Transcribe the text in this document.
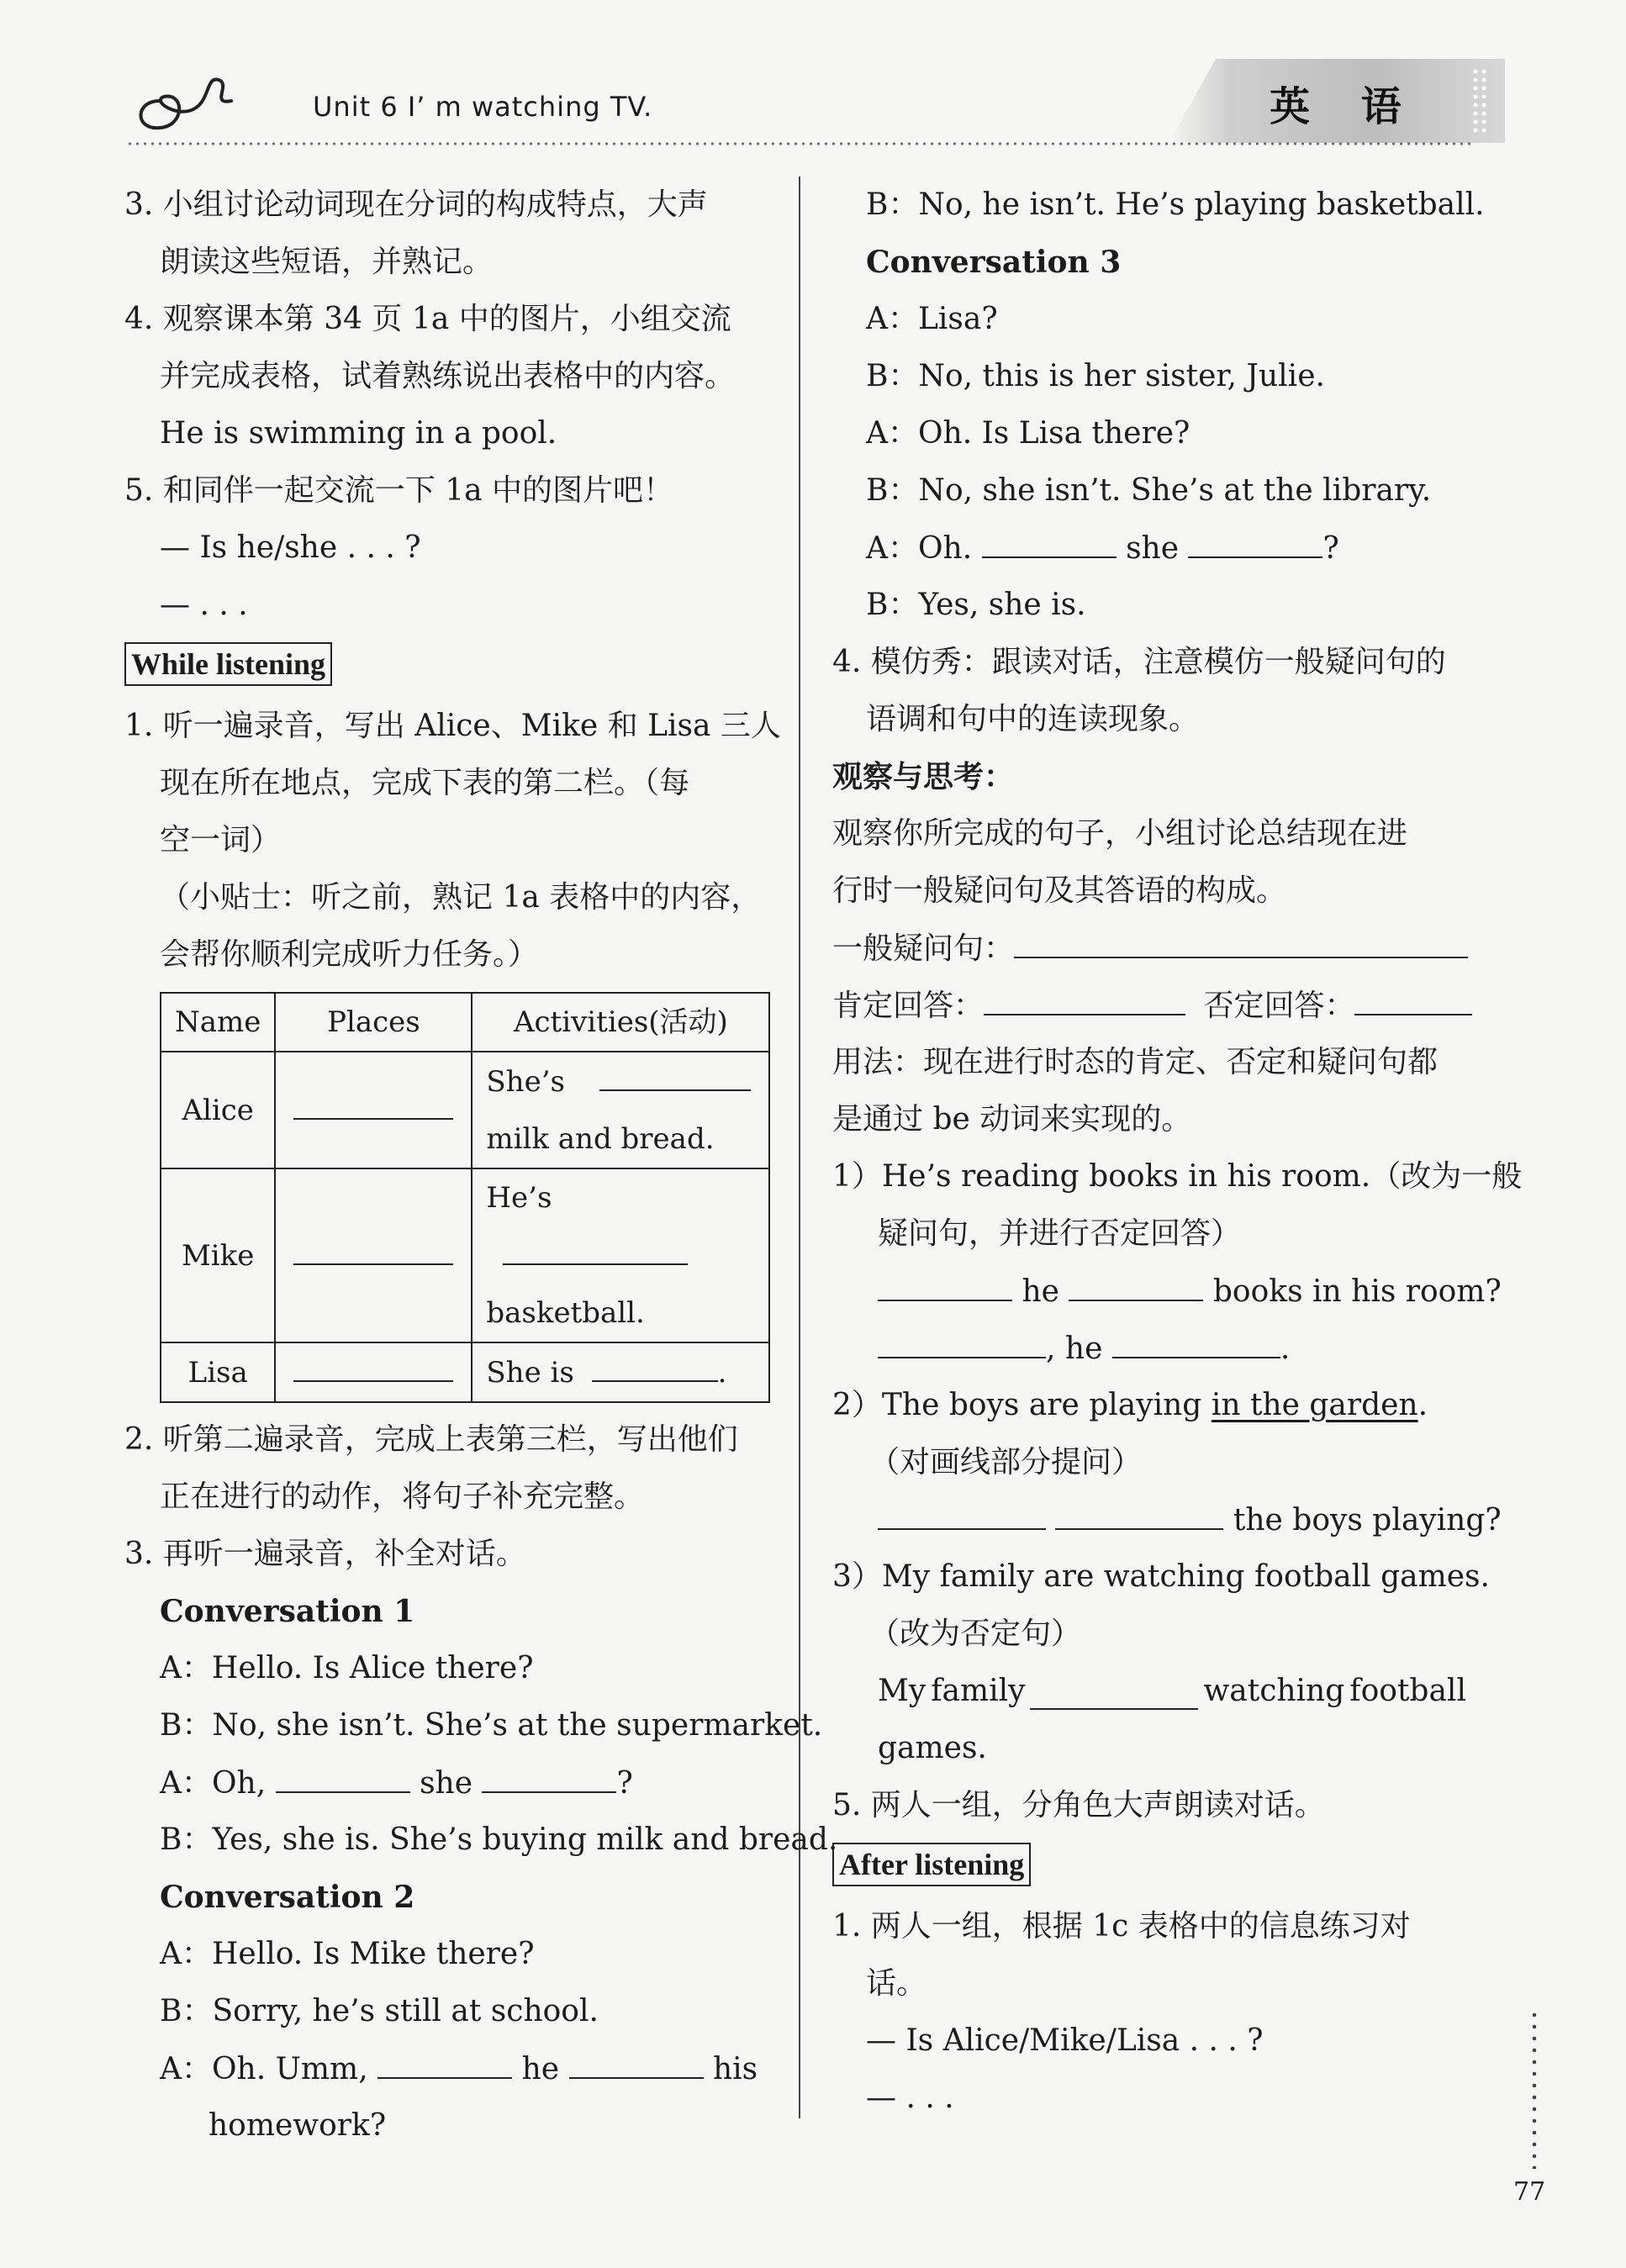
Unit 6 I’ m watching TV.	英 语
3. 小组讨论动词现在分词的构成特点，大声
朗读这些短语，并熟记。
4. 观察课本第 34 页 1a 中的图片，小组交流
并完成表格，试着熟练说出表格中的内容。
He is swimming in a pool.
5. 和同伴一起交流一下 1a 中的图片吧！
— Is he/she . . . ?
— . . .
While listening
1. 听一遍录音，写出 Alice、Mike 和 Lisa 三人
现在所在地点，完成下表的第二栏。（每
空一词）
（小贴士：听之前，熟记 1a 表格中的内容，
会帮你顺利完成听力任务。）
Name	Places	Activities(活动)
Alice		She’s
milk and bread.

Mike		He’s
basketball.

Lisa		She is .
2. 听第二遍录音，完成上表第三栏，写出他们
正在进行的动作，将句子补充完整。
3. 再听一遍录音，补全对话。
Conversation 1
A：Hello. Is Alice there?
B：No, she isn’t. She’s at the supermarket.
A：Oh,	she	?
B：Yes, she is. She’s buying milk and bread.
Conversation 2
A：Hello. Is Mike there?
B：Sorry, he’s still at school.
A：Oh. Umm,	he	his
homework?
B：No, he isn’t. He’s playing basketball.
Conversation 3
A：Lisa?
B：No, this is her sister, Julie.
A：Oh. Is Lisa there?
B：No, she isn’t. She’s at the library.
A：Oh.	she	?
B：Yes, she is.
4. 模仿秀：跟读对话，注意模仿一般疑问句的
语调和句中的连读现象。
观察与思考：
观察你所完成的句子，小组讨论总结现在进
行时一般疑问句及其答语的构成。
一般疑问句：
肯定回答：	否定回答：
用法：现在进行时态的肯定、否定和疑问句都
是通过 be 动词来实现的。
1）He’s reading books in his room.（改为一般
疑问句，并进行否定回答）
he	books in his room?
, he	.
2）The boys are playing in the garden.
（对画线部分提问）
the boys playing?
3）My family are watching football games.
（改为否定句）
My family	watching football
games.
5. 两人一组，分角色大声朗读对话。
After listening
1. 两人一组，根据 1c 表格中的信息练习对
话。
— Is Alice/Mike/Lisa . . . ?
— . . .
77
